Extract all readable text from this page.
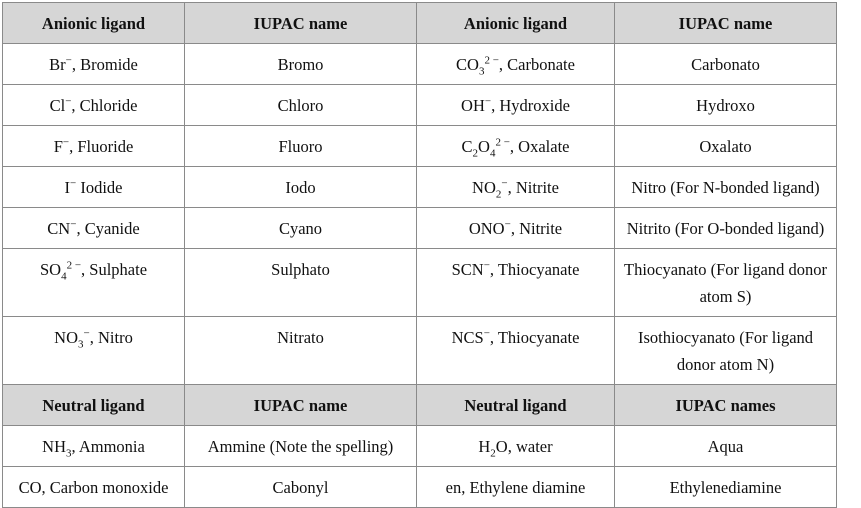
Anionic ligand	IUPAC name	Anionic ligand	IUPAC name
Br−, Bromide	Bromo	$CO_3^{2 -}$, Carbonate	Carbonato
Cl−, Chloride	Chloro	OH−, Hydroxide	Hydroxo
F−, Fluoride	Fluoro	$C_2O_4^{2 -}$, Oxalate	Oxalato
I− Iodide	Iodo	$NO_2^-$, Nitrite	Nitro (For N-bonded ligand)
CN−, Cyanide	Cyano	ONO−, Nitrite	Nitrito (For O-bonded ligand)
$SO_4^{2 -}$, Sulphate	Sulphato	SCN−, Thiocyanate	Thiocyanato (For ligand donor atom S)
$NO_3^-$, Nitro	Nitrato	NCS−, Thiocyanate	Isothiocyanato (For ligand donor atom N)
Neutral ligand	IUPAC name	Neutral ligand	IUPAC names
$NH_3$, Ammonia	Ammine (Note the spelling)	$H_2O$, water	Aqua
CO, Carbon monoxide	Cabonyl	en, Ethylene diamine	Ethylenediamine
